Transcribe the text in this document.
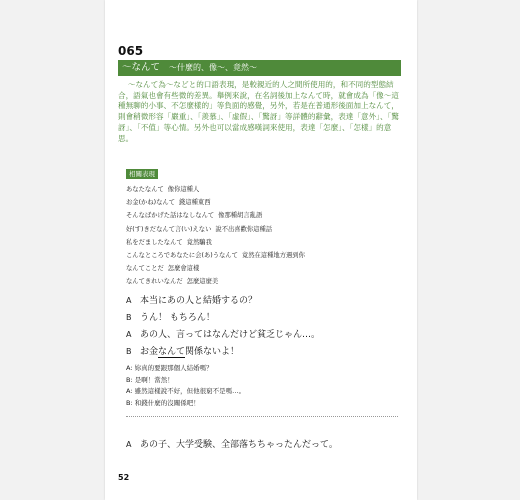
065
～なんて ～什麼的、像～、竟然～

～なんて為～などと的口語表現，是較親近的人之間所使用的，和不同的型態結合，語氣也會有些微的差異。舉例來說，在名詞後加上なんて時，就會成為「像～這種無聊的小事、不怎麼樣的」等負面的感覺，另外，若是在普通形後面加上なんて，則會稍微形容「嚴重」、「羨慕」、「虛假」、「驚訝」等詳體的辭彙，表達「意外」、「驚訝」、「不值」等心情。另外也可以當成感嘆詞來使用，表達「怎麼」、「怎樣」的意思。

相關表現
あなたなんて 像你這種人
お金(かね)なんて 錢這種東西
そんなばかげた話はなしなんて 像那種胡言亂語
好(す)きだなんて言(い)えない 說不出喜歡你這種話
私をだましたなんて 竟然騙我
こんなところであなたに会(あ)うなんて 竟然在這種地方遇到你
なんてことだ 怎麼會這樣
なんてきれいなんだ 怎麼這麼美
A 本当にあの人と結婚するの？
B うん！ もちろん！
A あの人、言ってはなんだけど貧乏じゃん…。
B お金なんて関係ないよ！
A: 妳真的要跟那個人結婚嗎？
B: 是啊！當然！
A: 雖然這樣說不好，但他很窮不是嗎…。
B: 和錢什麼的沒關係吧！
A あの子、大学受験、全部落ちちゃったんだって。
52
